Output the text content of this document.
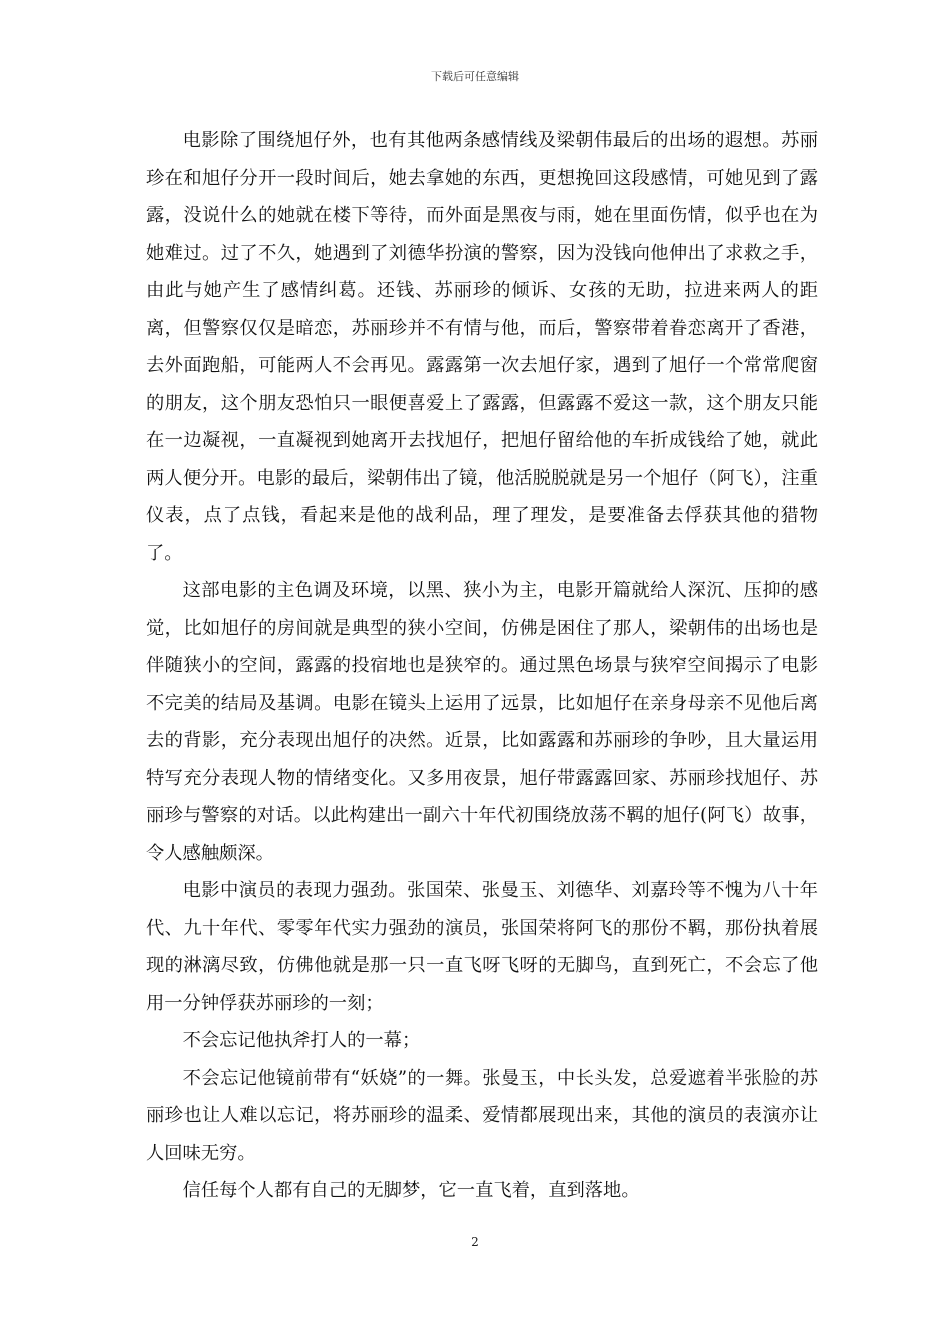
下载后可任意编辑

电影除了围绕旭仔外，也有其他两条感情线及梁朝伟最后的出场的遐想。苏丽珍在和旭仔分开一段时间后，她去拿她的东西，更想挽回这段感情，可她见到了露露，没说什么的她就在楼下等待，而外面是黑夜与雨，她在里面伤情，似乎也在为她难过。过了不久，她遇到了刘德华扮演的警察，因为没钱向他伸出了求救之手，由此与她产生了感情纠葛。还钱、苏丽珍的倾诉、女孩的无助，拉进来两人的距离，但警察仅仅是暗恋，苏丽珍并不有情与他，而后，警察带着眷恋离开了香港，去外面跑船，可能两人不会再见。露露第一次去旭仔家，遇到了旭仔一个常常爬窗的朋友，这个朋友恐怕只一眼便喜爱上了露露，但露露不爱这一款，这个朋友只能在一边凝视，一直凝视到她离开去找旭仔，把旭仔留给他的车折成钱给了她，就此两人便分开。电影的最后，梁朝伟出了镜，他活脱脱就是另一个旭仔（阿飞），注重仪表，点了点钱，看起来是他的战利品，理了理发，是要准备去俘获其他的猎物了。

这部电影的主色调及环境，以黑、狭小为主，电影开篇就给人深沉、压抑的感觉，比如旭仔的房间就是典型的狭小空间，仿佛是困住了那人，梁朝伟的出场也是伴随狭小的空间，露露的投宿地也是狭窄的。通过黑色场景与狭窄空间揭示了电影不完美的结局及基调。电影在镜头上运用了远景，比如旭仔在亲身母亲不见他后离去的背影，充分表现出旭仔的决然。近景，比如露露和苏丽珍的争吵，且大量运用特写充分表现人物的情绪变化。又多用夜景，旭仔带露露回家、苏丽珍找旭仔、苏丽珍与警察的对话。以此构建出一副六十年代初围绕放荡不羁的旭仔(阿飞）故事，令人感触颇深。

电影中演员的表现力强劲。张国荣、张曼玉、刘德华、刘嘉玲等不愧为八十年代、九十年代、零零年代实力强劲的演员，张国荣将阿飞的那份不羁，那份执着展现的淋漓尽致，仿佛他就是那一只一直飞呀飞呀的无脚鸟，直到死亡，不会忘了他用一分钟俘获苏丽珍的一刻；

不会忘记他执斧打人的一幕；

不会忘记他镜前带有“妖娆”的一舞。张曼玉，中长头发，总爱遮着半张脸的苏丽珍也让人难以忘记，将苏丽珍的温柔、爱情都展现出来，其他的演员的表演亦让人回味无穷。

信任每个人都有自己的无脚梦，它一直飞着，直到落地。

2
